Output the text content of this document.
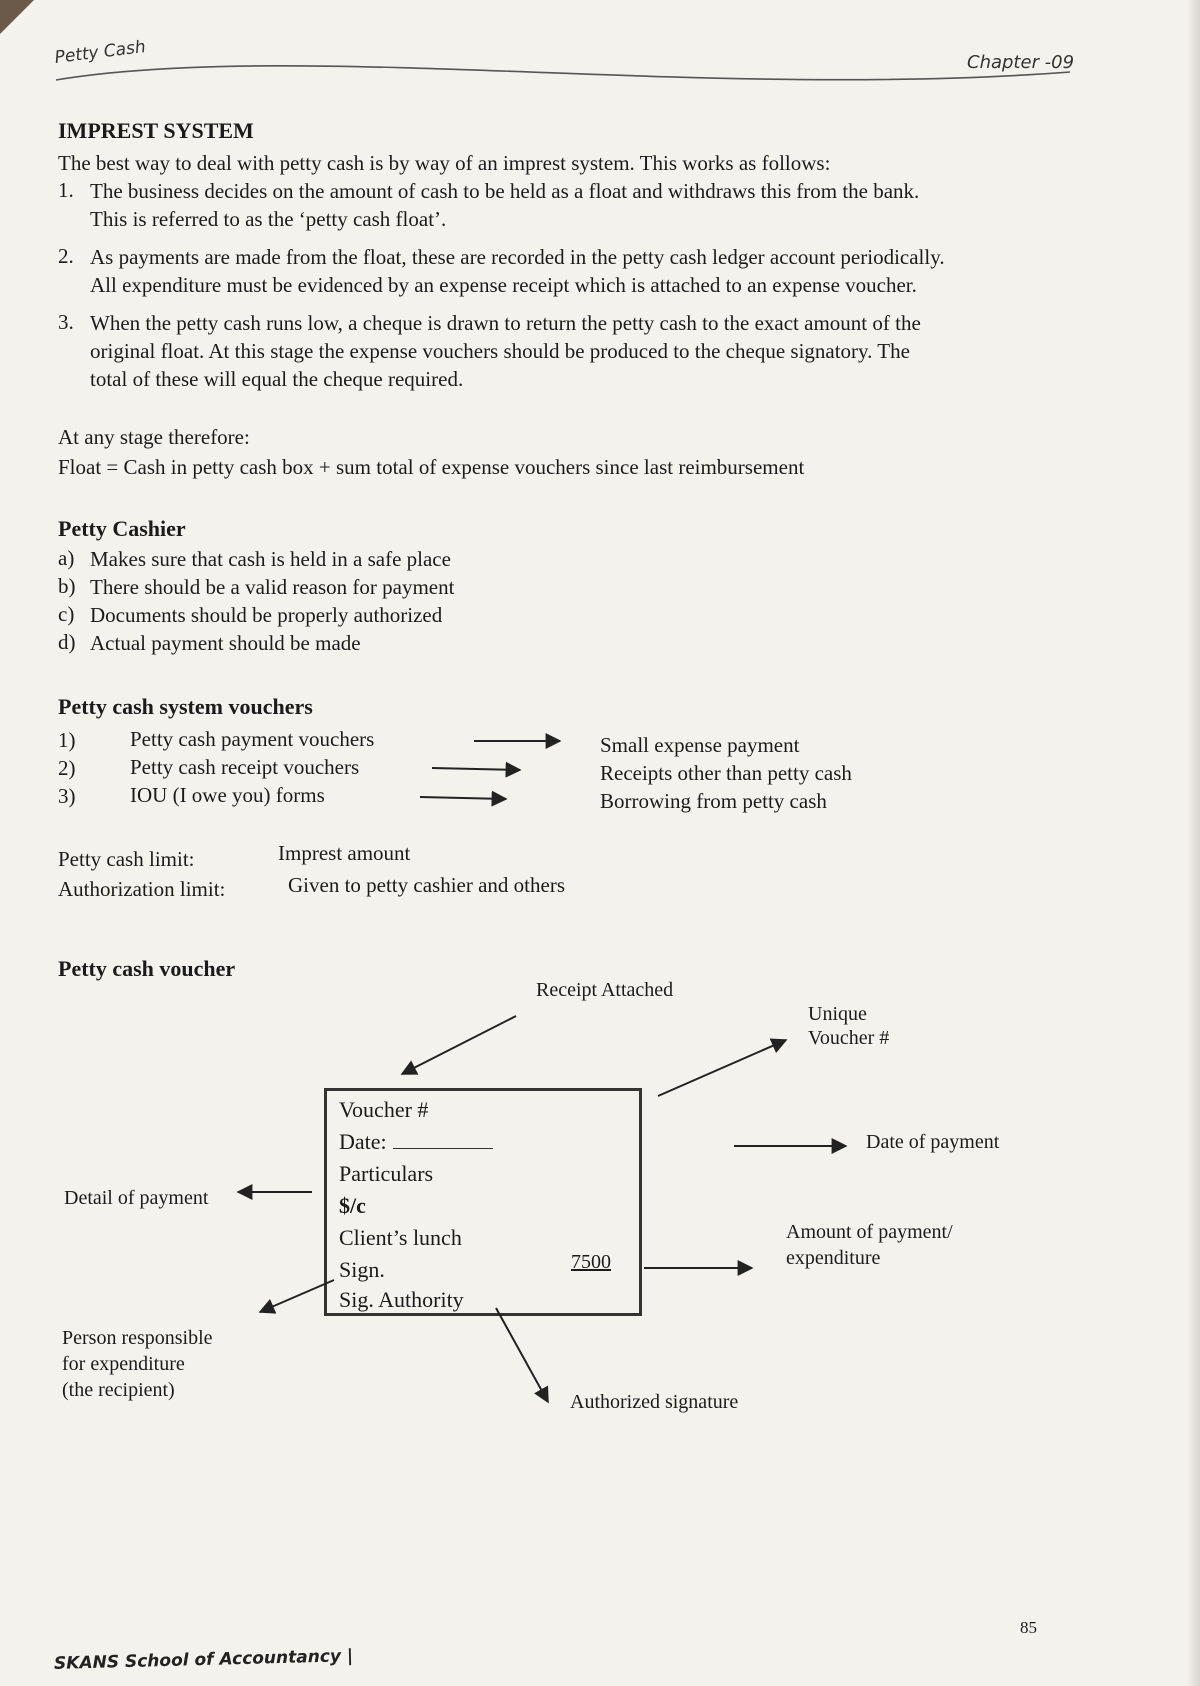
Petty Cash	Chapter -09
IMPREST SYSTEM
The best way to deal with petty cash is by way of an imprest system. This works as follows:
1. The business decides on the amount of cash to be held as a float and withdraws this from the bank.
This is referred to as the ‘petty cash float’.
2. As payments are made from the float, these are recorded in the petty cash ledger account periodically.
All expenditure must be evidenced by an expense receipt which is attached to an expense voucher.
3. When the petty cash runs low, a cheque is drawn to return the petty cash to the exact amount of the
original float. At this stage the expense vouchers should be produced to the cheque signatory. The
total of these will equal the cheque required.
At any stage therefore:
Float = Cash in petty cash box + sum total of expense vouchers since last reimbursement
Petty Cashier
a) Makes sure that cash is held in a safe place
b) There should be a valid reason for payment
c) Documents should be properly authorized
d) Actual payment should be made
Petty cash system vouchers
1)	Petty cash payment vouchers	Small expense payment
2)	Petty cash receipt vouchers	Receipts other than petty cash
3)	IOU (I owe you) forms	Borrowing from petty cash
Petty cash limit:	Imprest amount
Authorization limit:	Given to petty cashier and others
Petty cash voucher
Voucher #
Date:
Particulars
$/c
Client’s lunch
Sign.	7500
Sig. Authority
Receipt Attached
Unique
Voucher #
Date of payment
Detail of payment
Amount of payment/
expenditure
Person responsible
for expenditure
(the recipient)
Authorized signature
SKANS School of Accountancy |
85
